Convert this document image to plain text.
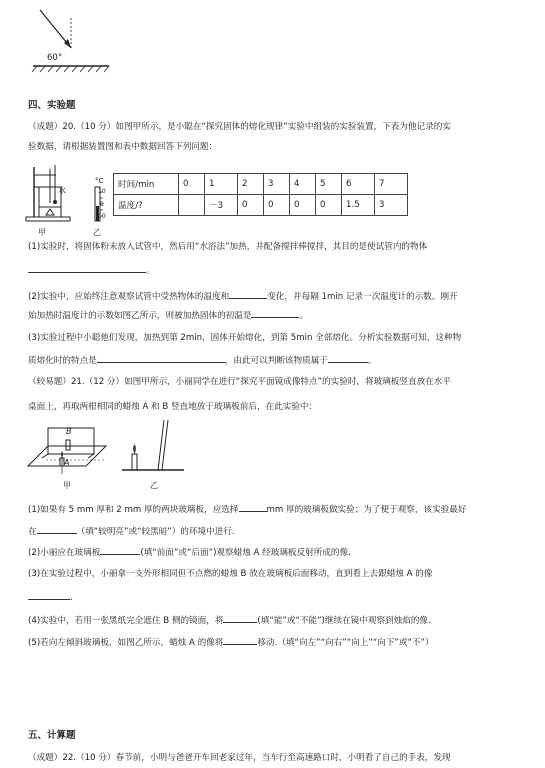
60°
四、实验题
（成题）20.（10 分）如图甲所示，是小聪在“探究固体的熔化规律”实验中组装的实验装置，下表为他记录的实
验数据，请根据装置图和表中数据回答下列问题：
水
°C
10
0
10
甲	乙
时间/min	0	1	2	3	4	5	6	7
温度/?		－3	0	0	0	0	1.5	3
(1)实验时，将固体粉末放入试管中，然后用“水浴法”加热，并配备搅拌棒搅拌，其目的是使试管内的物体
。
(2)实验中，应始终注意观察试管中受热物体的温度和	变化，并每隔 1min 记录一次温度计的示数。刚开
始加热时温度计的示数如图乙所示，则被加热固体的初温是	。
(3)实验过程中小聪他们发现，加热到第 2min，固体开始熔化，到第 5min 全部熔化。分析实验数据可知，这种物
质熔化时的特点是	，由此可以判断该物质属于	。
（较易题）21.（12 分）如图甲所示，小丽同学在进行“探究平面镜成像特点”的实验时，将玻璃板竖直放在水平
桌面上，再取两根相同的蜡烛 A 和 B 竖直地放于玻璃板前后，在此实验中：
B
A
甲	乙
(1)如果有 5 mm 厚和 2 mm 厚的两块玻璃板，应选择	mm 厚的玻璃板做实验；为了便于观察，该实验最好
在	（填“较明亮”或“较黑暗”）的环境中进行.
(2)小丽应在玻璃板	(填“前面”或“后面”)观察蜡烛 A 经玻璃板反射所成的像.
(3)在实验过程中，小丽拿一支外形相同但不点燃的蜡烛 B 放在玻璃板后面移动，直到看上去跟蜡烛 A 的像
.
(4)实验中，若用一张黑纸完全遮住 B 侧的镜面，将	(填“能”或“不能”)继续在镜中观察到烛焰的像.
(5)若向左倾斜玻璃板，如图乙所示，蜡烛 A 的像将	移动.（填“向左”“向右”“向上”“向下”或“不”）
五、计算题
（成题）22.（10 分）春节前，小明与爸爸开车回老家过年，当车行至高速路口时，小明看了自己的手表，发现
